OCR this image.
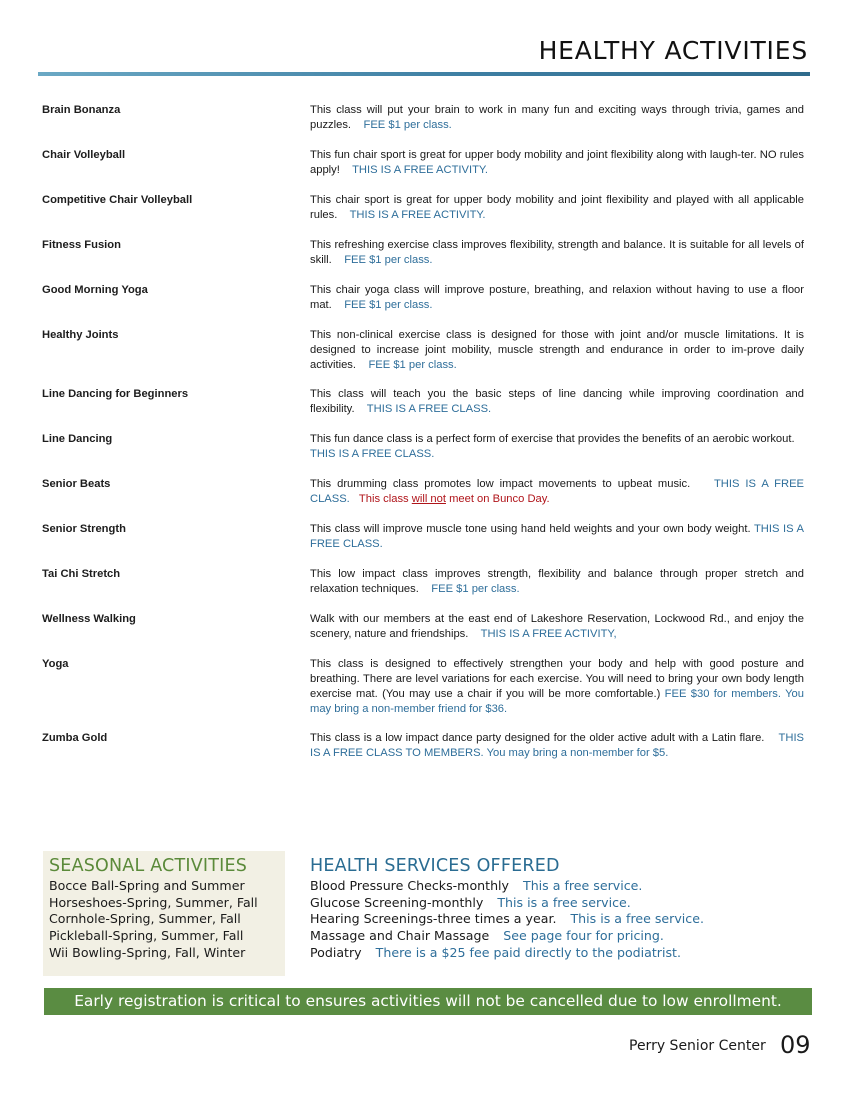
HEALTHY ACTIVITIES
Brain Bonanza	This class will put your brain to work in many fun and exciting ways through trivia, games and puzzles. FEE $1 per class.
Chair Volleyball	This fun chair sport is great for upper body mobility and joint flexibility along with laugh-ter. NO rules apply! THIS IS A FREE ACTIVITY.
Competitive Chair Volleyball	This chair sport is great for upper body mobility and joint flexibility and played with all applicable rules. THIS IS A FREE ACTIVITY.
Fitness Fusion	This refreshing exercise class improves flexibility, strength and balance. It is suitable for all levels of skill. FEE $1 per class.
Good Morning Yoga	This chair yoga class will improve posture, breathing, and relaxion without having to use a floor mat. FEE $1 per class.
Healthy Joints	This non-clinical exercise class is designed for those with joint and/or muscle limitations. It is designed to increase joint mobility, muscle strength and endurance in order to im-prove daily activities. FEE $1 per class.
Line Dancing for Beginners	This class will teach you the basic steps of line dancing while improving coordination and flexibility. THIS IS A FREE CLASS.
Line Dancing	This fun dance class is a perfect form of exercise that provides the benefits of an aerobic workout.    THIS IS A FREE CLASS.
Senior Beats	This drumming class promotes low impact movements to upbeat music. THIS IS A FREE CLASS. This class will not meet on Bunco Day.
Senior Strength	This class will improve muscle tone using hand held weights and your own body weight. THIS IS A FREE CLASS.
Tai Chi Stretch	This low impact class improves strength, flexibility and balance through proper stretch and relaxation techniques. FEE $1 per class.
Wellness Walking	Walk with our members at the east end of Lakeshore Reservation, Lockwood Rd., and enjoy the scenery, nature and friendships. THIS IS A FREE ACTIVITY,
Yoga	This class is designed to effectively strengthen your body and help with good posture and breathing. There are level variations for each exercise. You will need to bring your own body length exercise mat. (You may use a chair if you will be more comfortable.) FEE $30 for members. You may bring a non-member friend for $36.
Zumba Gold	This class is a low impact dance party designed for the older active adult with a Latin flare. THIS IS A FREE CLASS TO MEMBERS. You may bring a non-member for $5.
SEASONAL ACTIVITIES
Bocce Ball-Spring and Summer
Horseshoes-Spring, Summer, Fall
Cornhole-Spring, Summer, Fall
Pickleball-Spring, Summer, Fall
Wii Bowling-Spring, Fall, Winter
HEALTH SERVICES OFFERED
Blood Pressure Checks-monthly This a free service.
Glucose Screening-monthly This is a free service.
Hearing Screenings-three times a year. This is a free service.
Massage and Chair Massage See page four for pricing.
Podiatry There is a $25 fee paid directly to the podiatrist.
Early registration is critical to ensures activities will not be cancelled due to low enrollment.
Perry Senior Center 09
